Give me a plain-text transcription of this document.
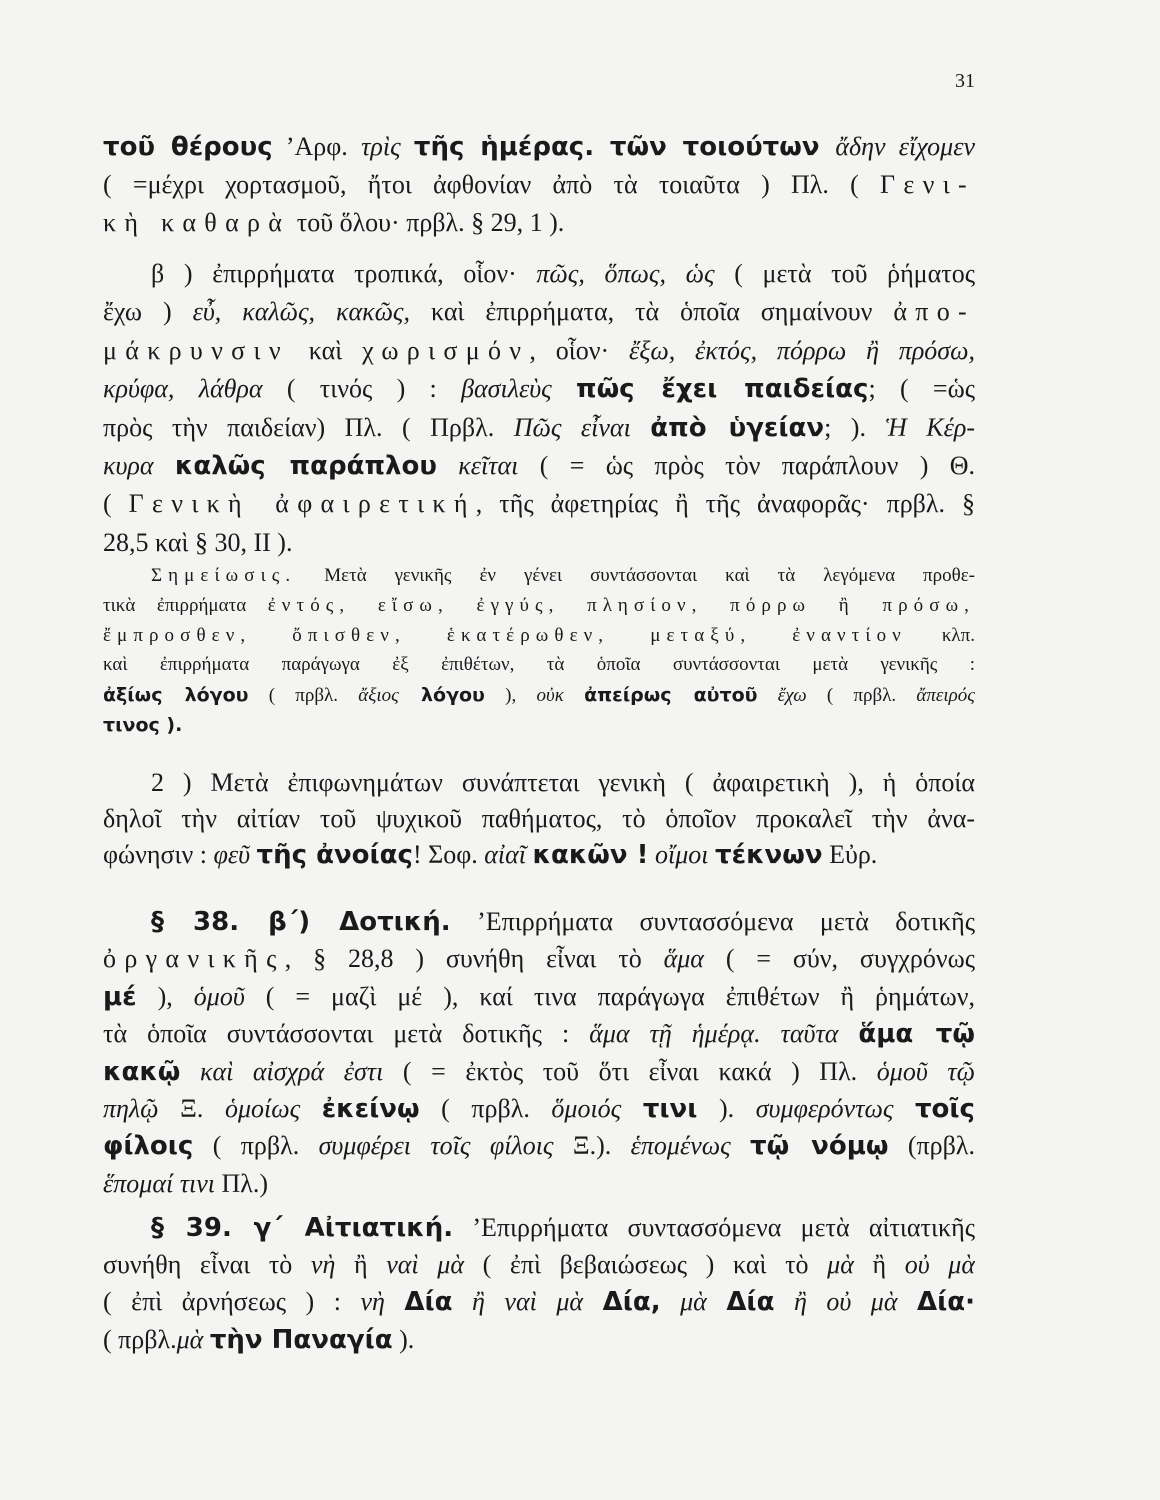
31
τοῦ θέρους ’Αρφ. τρὶς τῆς ἡμέρας. τῶν τοιούτων ἄδην εἴχομεν
( =μέχρι χορτασμοῦ, ἤτοι ἀφθονίαν ἀπὸ τὰ τοιαῦτα ) Πλ. ( Γενι-
κὴ καθαρὰ τοῦ ὅλου· πρβλ. § 29, 1 ).
β ) ἐπιρρήματα τροπικά, οἷον· πῶς, ὅπως, ὡς ( μετὰ τοῦ ῥήματος
ἔχω ) εὖ, καλῶς, κακῶς, καὶ ἐπιρρήματα, τὰ ὁποῖα σημαίνουν ἀπο-
μάκρυνσιν καὶ χωρισμόν, οἷον· ἔξω, ἐκτός, πόρρω ἢ πρόσω,
κρύφα, λάθρα ( τινός ) : βασιλεὺς πῶς ἔχει παιδείας; ( =ὡς
πρὸς τὴν παιδείαν) Πλ. ( Πρβλ. Πῶς εἶναι ἀπὸ ὑγείαν; ). Ἡ Κέρ-
κυρα καλῶς παράπλου κεῖται ( = ὡς πρὸς τὸν παράπλουν ) Θ.
( Γενικὴ ἀφαιρετική, τῆς ἀφετηρίας ἢ τῆς ἀναφορᾶς· πρβλ. §
28,5 καὶ § 30, II ).
Σημείωσις. Μετὰ γενικῆς ἐν γένει συντάσσονται καὶ τὰ λεγόμενα προθε-
τικὰ ἐπιρρήματα ἐντός, εἴσω, ἐγγύς, πλησίον, πόρρω ἢ πρόσω,
ἔμπροσθεν, ὄπισθεν, ἑκατέρωθεν, μεταξύ, ἐναντίον κλπ.
καὶ ἐπιρρήματα παράγωγα ἐξ ἐπιθέτων, τὰ ὁποῖα συντάσσονται μετὰ γενικῆς :
ἀξίως λόγου ( πρβλ. ἄξιος λόγου ), οὐκ ἀπείρως αὐτοῦ ἔχω ( πρβλ. ἄπειρός
τινος ).
2 ) Μετὰ ἐπιφωνημάτων συνάπτεται γενικὴ ( ἀφαιρετικὴ ), ἡ ὁποία
δηλοῖ τὴν αἰτίαν τοῦ ψυχικοῦ παθήματος, τὸ ὁποῖον προκαλεῖ τὴν ἀνα-
φώνησιν : φεῦ τῆς ἀνοίας! Σοφ. αἰαῖ κακῶν ! οἴμοι τέκνων Εὐρ.
§ 38. β΄) Δοτική. ’Επιρρήματα συντασσόμενα μετὰ δοτικῆς
ὀργανικῆς, § 28,8 ) συνήθη εἶναι τὸ ἅμα ( = σύν, συγχρόνως
μέ ), ὁμοῦ ( = μαζὶ μέ ), καί τινα παράγωγα ἐπιθέτων ἢ ῥημάτων,
τὰ ὁποῖα συντάσσονται μετὰ δοτικῆς : ἅμα τῇ ἡμέρᾳ. ταῦτα ἅμα τῷ
κακῷ καὶ αἰσχρά ἐστι ( = ἐκτὸς τοῦ ὅτι εἶναι κακά ) Πλ. ὁμοῦ τῷ
πηλῷ Ξ. ὁμοίως ἐκείνῳ ( πρβλ. ὅμοιός τινι ). συμφερόντως τοῖς
φίλοις ( πρβλ. συμφέρει τοῖς φίλοις Ξ.). ἑπομένως τῷ νόμῳ (πρβλ.
ἕπομαί τινι Πλ.)
§ 39. γ΄ Αἰτιατική. ’Επιρρήματα συντασσόμενα μετὰ αἰτιατικῆς
συνήθη εἶναι τὸ νὴ ἢ ναὶ μὰ ( ἐπὶ βεβαιώσεως ) καὶ τὸ μὰ ἢ οὐ μὰ
( ἐπὶ ἀρνήσεως ) : νὴ Δία ἢ ναὶ μὰ Δία, μὰ Δία ἢ οὐ μὰ Δία·
( πρβλ.μὰ τὴν Παναγία ).
